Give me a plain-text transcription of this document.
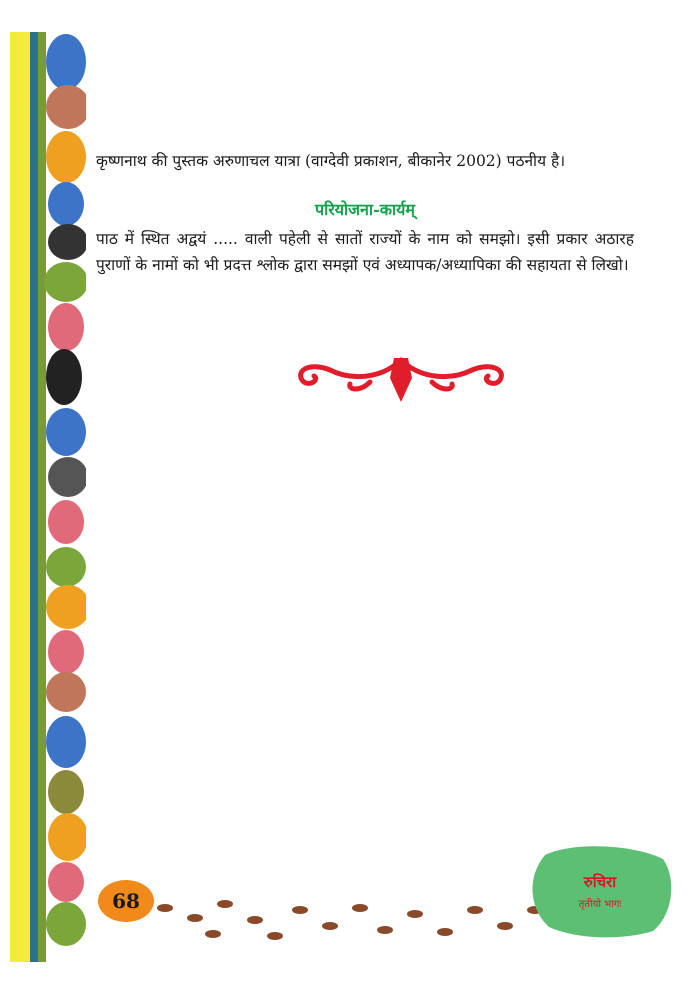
कृष्णनाथ की पुस्तक अरुणाचल यात्रा (वाग्देवी प्रकाशन, बीकानेर 2002) पठनीय है।
परियोजना-कार्यम्
पाठ में स्थित अद्वयं ..... वाली पहेली से सातों राज्यों के नाम को समझो। इसी प्रकार अठारह पुराणों के नामों को भी प्रदत्त श्लोक द्वारा समझों एवं अध्यापक/अध्यापिका की सहायता से लिखो।
68
रुचिरा
तृतीयो भागः
